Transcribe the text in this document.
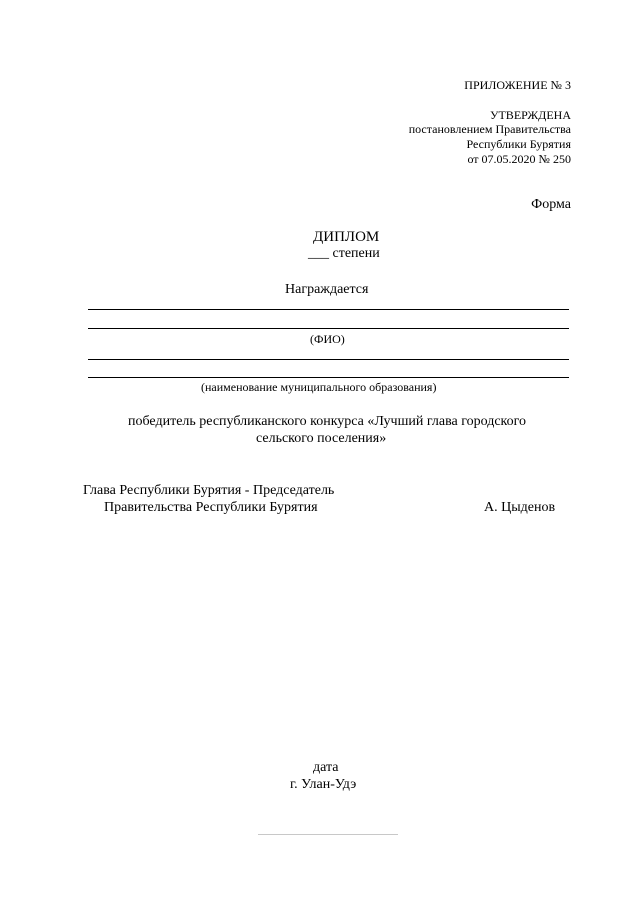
ПРИЛОЖЕНИЕ № 3
УТВЕРЖДЕНА
постановлением Правительства
Республики Бурятия
от 07.05.2020 № 250
Форма
ДИПЛОМ
___ степени
Награждается
(ФИО)
(наименование муниципального образования)
победитель республиканского конкурса «Лучший глава городского
сельского поселения»
Глава Республики Бурятия - Председатель
Правительства Республики Бурятия	А. Цыденов
дата
г. Улан-Удэ
